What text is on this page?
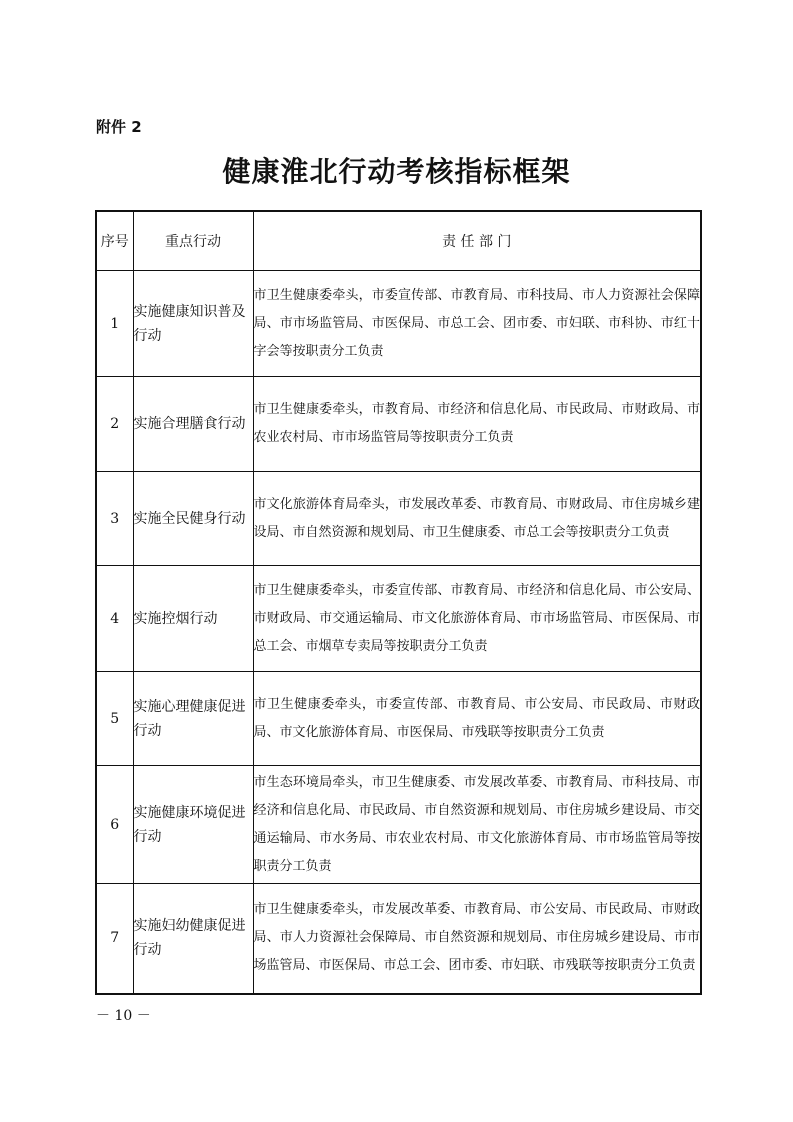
附件 2
健康淮北行动考核指标框架
序号	重点行动	责 任 部 门
1	实施健康知识普及行动	市卫生健康委牵头，市委宣传部、市教育局、市科技局、市人力资源社会保障局、市市场监管局、市医保局、市总工会、团市委、市妇联、市科协、市红十字会等按职责分工负责
2	实施合理膳食行动	市卫生健康委牵头，市教育局、市经济和信息化局、市民政局、市财政局、市农业农村局、市市场监管局等按职责分工负责
3	实施全民健身行动	市文化旅游体育局牵头，市发展改革委、市教育局、市财政局、市住房城乡建设局、市自然资源和规划局、市卫生健康委、市总工会等按职责分工负责
4	实施控烟行动	市卫生健康委牵头，市委宣传部、市教育局、市经济和信息化局、市公安局、市财政局、市交通运输局、市文化旅游体育局、市市场监管局、市医保局、市总工会、市烟草专卖局等按职责分工负责
5	实施心理健康促进行动	市卫生健康委牵头，市委宣传部、市教育局、市公安局、市民政局、市财政局、市文化旅游体育局、市医保局、市残联等按职责分工负责
6	实施健康环境促进行动	市生态环境局牵头，市卫生健康委、市发展改革委、市教育局、市科技局、市经济和信息化局、市民政局、市自然资源和规划局、市住房城乡建设局、市交通运输局、市水务局、市农业农村局、市文化旅游体育局、市市场监管局等按职责分工负责
7	实施妇幼健康促进行动	市卫生健康委牵头，市发展改革委、市教育局、市公安局、市民政局、市财政局、市人力资源社会保障局、市自然资源和规划局、市住房城乡建设局、市市场监管局、市医保局、市总工会、团市委、市妇联、市残联等按职责分工负责
－ 10 －
